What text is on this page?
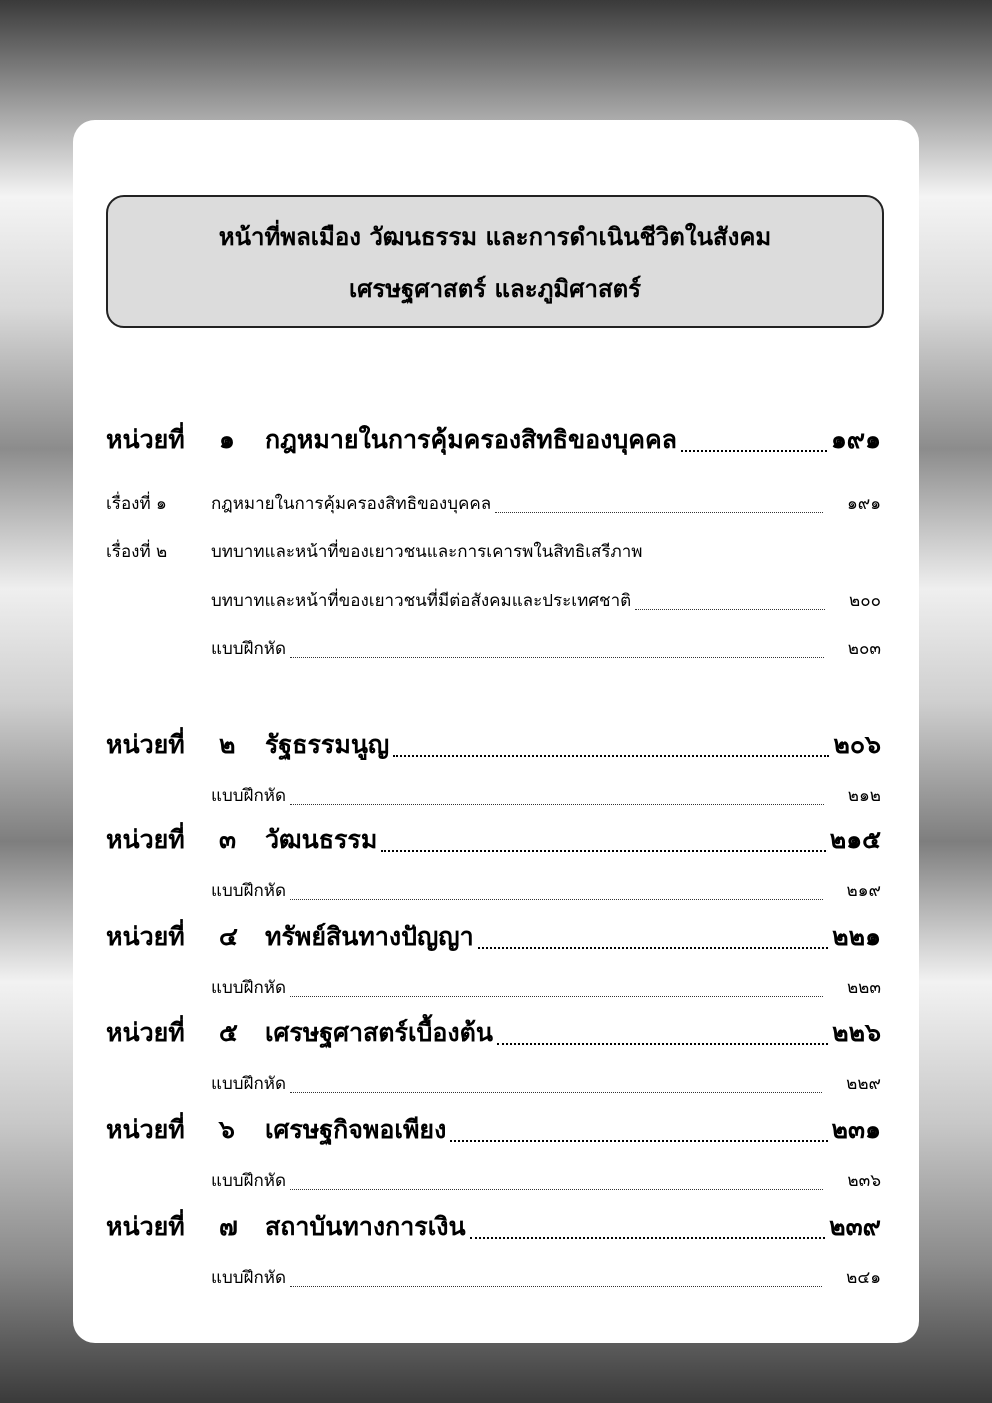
หน้าที่พลเมือง วัฒนธรรม และการดำเนินชีวิตในสังคม
เศรษฐศาสตร์ และภูมิศาสตร์
หน่วยที่	๑	กฎหมายในการคุ้มครองสิทธิของบุคคล	๑๙๑
เรื่องที่ ๑	กฎหมายในการคุ้มครองสิทธิของบุคคล	๑๙๑
เรื่องที่ ๒	บทบาทและหน้าที่ของเยาวชนและการเคารพในสิทธิเสรีภาพ
บทบาทและหน้าที่ของเยาวชนที่มีต่อสังคมและประเทศชาติ	๒๐๐
แบบฝึกหัด	๒๐๓
หน่วยที่	๒	รัฐธรรมนูญ	๒๐๖
แบบฝึกหัด	๒๑๒
หน่วยที่	๓	วัฒนธรรม	๒๑๕
แบบฝึกหัด	๒๑๙
หน่วยที่	๔	ทรัพย์สินทางปัญญา	๒๒๑
แบบฝึกหัด	๒๒๓
หน่วยที่	๕	เศรษฐศาสตร์เบื้องต้น	๒๒๖
แบบฝึกหัด	๒๒๙
หน่วยที่	๖	เศรษฐกิจพอเพียง	๒๓๑
แบบฝึกหัด	๒๓๖
หน่วยที่	๗	สถาบันทางการเงิน	๒๓๙
แบบฝึกหัด	๒๔๑
